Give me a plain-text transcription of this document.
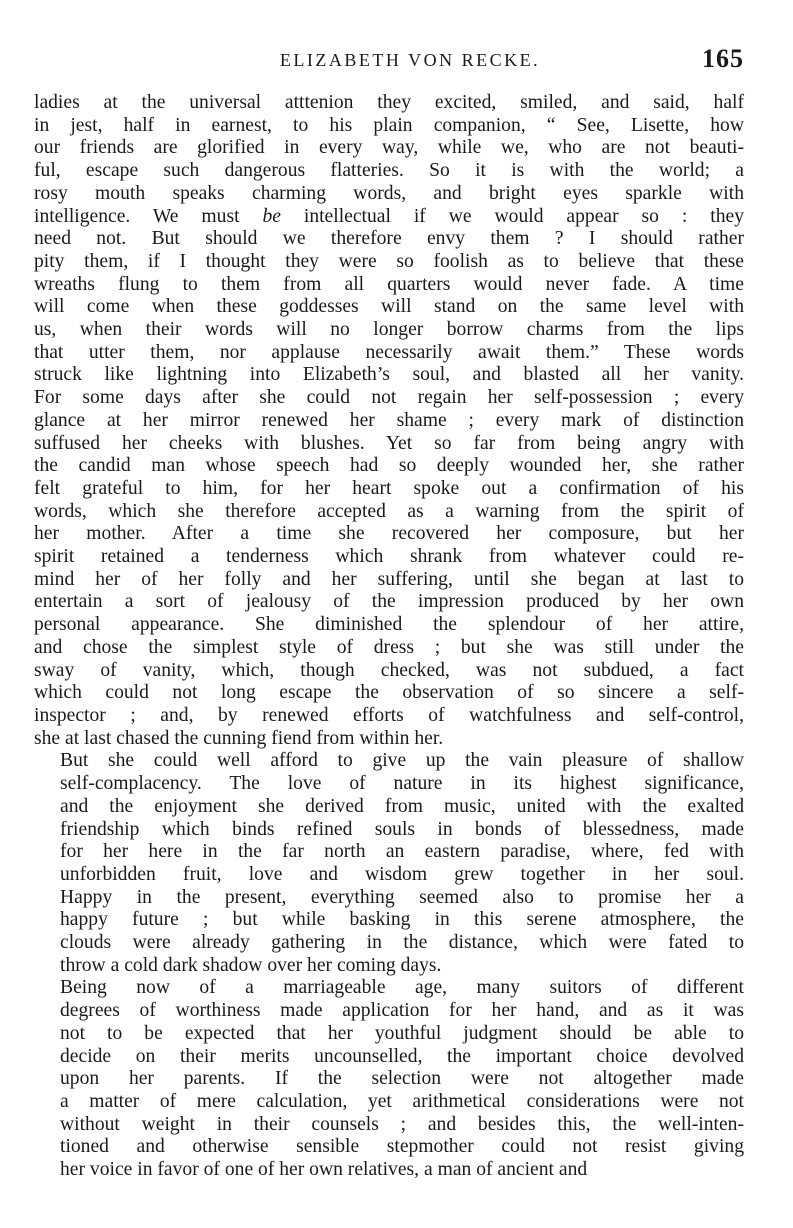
ELIZABETH VON RECKE.	165

ladies at the universal atttenion they excited, smiled, and said, half
in jest, half in earnest, to his plain companion, “ See, Lisette, how
our friends are glorified in every way, while we, who are not beauti-
ful, escape such dangerous flatteries. So it is with the world; a
rosy mouth speaks charming words, and bright eyes sparkle with
intelligence. We must be intellectual if we would appear so : they
need not. But should we therefore envy them ? I should rather
pity them, if I thought they were so foolish as to believe that these
wreaths flung to them from all quarters would never fade. A time
will come when these goddesses will stand on the same level with
us, when their words will no longer borrow charms from the lips
that utter them, nor applause necessarily await them.” These words
struck like lightning into Elizabeth’s soul, and blasted all her vanity.
For some days after she could not regain her self-possession ; every
glance at her mirror renewed her shame ; every mark of distinction
suffused her cheeks with blushes. Yet so far from being angry with
the candid man whose speech had so deeply wounded her, she rather
felt grateful to him, for her heart spoke out a confirmation of his
words, which she therefore accepted as a warning from the spirit of
her mother. After a time she recovered her composure, but her
spirit retained a tenderness which shrank from whatever could re-
mind her of her folly and her suffering, until she began at last to
entertain a sort of jealousy of the impression produced by her own
personal appearance. She diminished the splendour of her attire,
and chose the simplest style of dress ; but she was still under the
sway of vanity, which, though checked, was not subdued, a fact
which could not long escape the observation of so sincere a self-
inspector ; and, by renewed efforts of watchfulness and self-control,
she at last chased the cunning fiend from within her.

But she could well afford to give up the vain pleasure of shallow
self-complacency. The love of nature in its highest significance,
and the enjoyment she derived from music, united with the exalted
friendship which binds refined souls in bonds of blessedness, made
for her here in the far north an eastern paradise, where, fed with
unforbidden fruit, love and wisdom grew together in her soul.
Happy in the present, everything seemed also to promise her a
happy future ; but while basking in this serene atmosphere, the
clouds were already gathering in the distance, which were fated to
throw a cold dark shadow over her coming days.

Being now of a marriageable age, many suitors of different
degrees of worthiness made application for her hand, and as it was
not to be expected that her youthful judgment should be able to
decide on their merits uncounselled, the important choice devolved
upon her parents. If the selection were not altogether made
a matter of mere calculation, yet arithmetical considerations were not
without weight in their counsels ; and besides this, the well-inten-
tioned and otherwise sensible stepmother could not resist giving
her voice in favor of one of her own relatives, a man of ancient and
